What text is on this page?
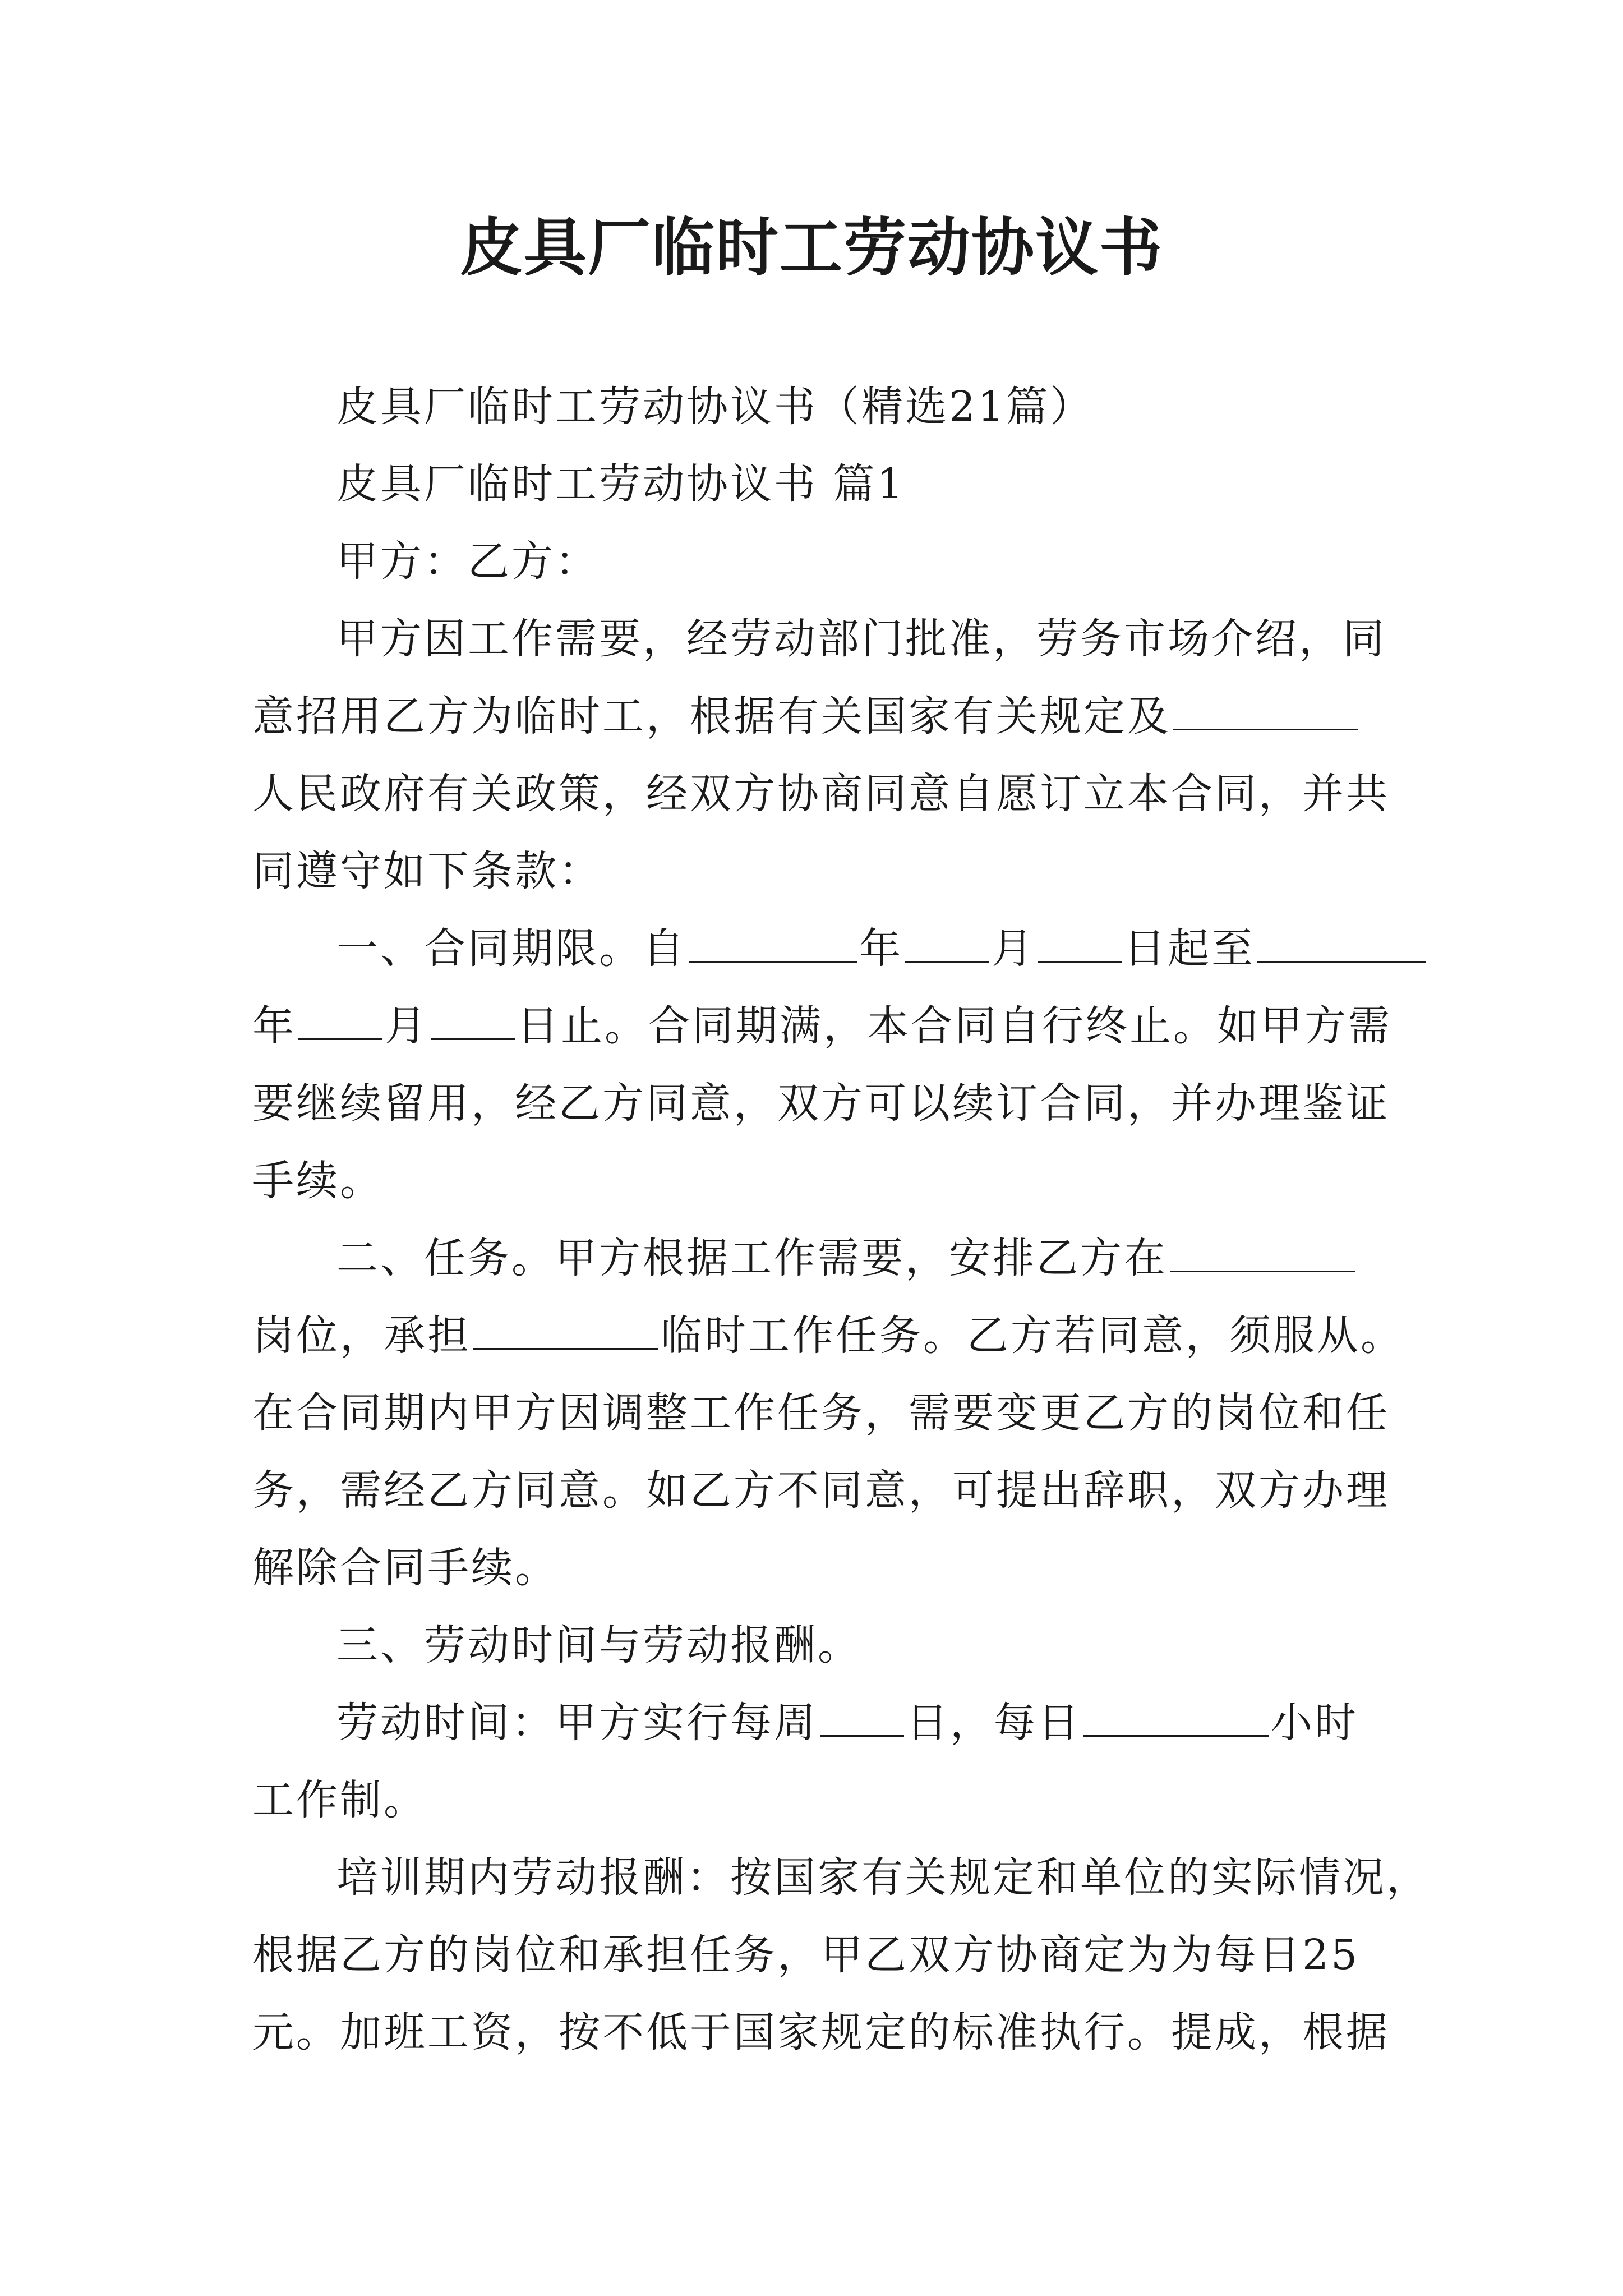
皮具厂临时工劳动协议书
皮具厂临时工劳动协议书（精选21篇）
皮具厂临时工劳动协议书 篇1
甲方：乙方：
甲方因工作需要，经劳动部门批准，劳务市场介绍，同
意招用乙方为临时工，根据有关国家有关规定及
人民政府有关政策，经双方协商同意自愿订立本合同，并共
同遵守如下条款：
一、合同期限。自	年 月 日起至
年 月 日止。合同期满，本合同自行终止。如甲方需
要继续留用，经乙方同意，双方可以续订合同，并办理鉴证
手续。
二、任务。甲方根据工作需要，安排乙方在
岗位，承担	临时工作任务。乙方若同意，须服从。
在合同期内甲方因调整工作任务，需要变更乙方的岗位和任
务，需经乙方同意。如乙方不同意，可提出辞职，双方办理
解除合同手续。
三、劳动时间与劳动报酬。
劳动时间：甲方实行每周 日，每日	小时
工作制。
培训期内劳动报酬：按国家有关规定和单位的实际情况，
根据乙方的岗位和承担任务，甲乙双方协商定为为每日25
元。加班工资，按不低于国家规定的标准执行。提成，根据
